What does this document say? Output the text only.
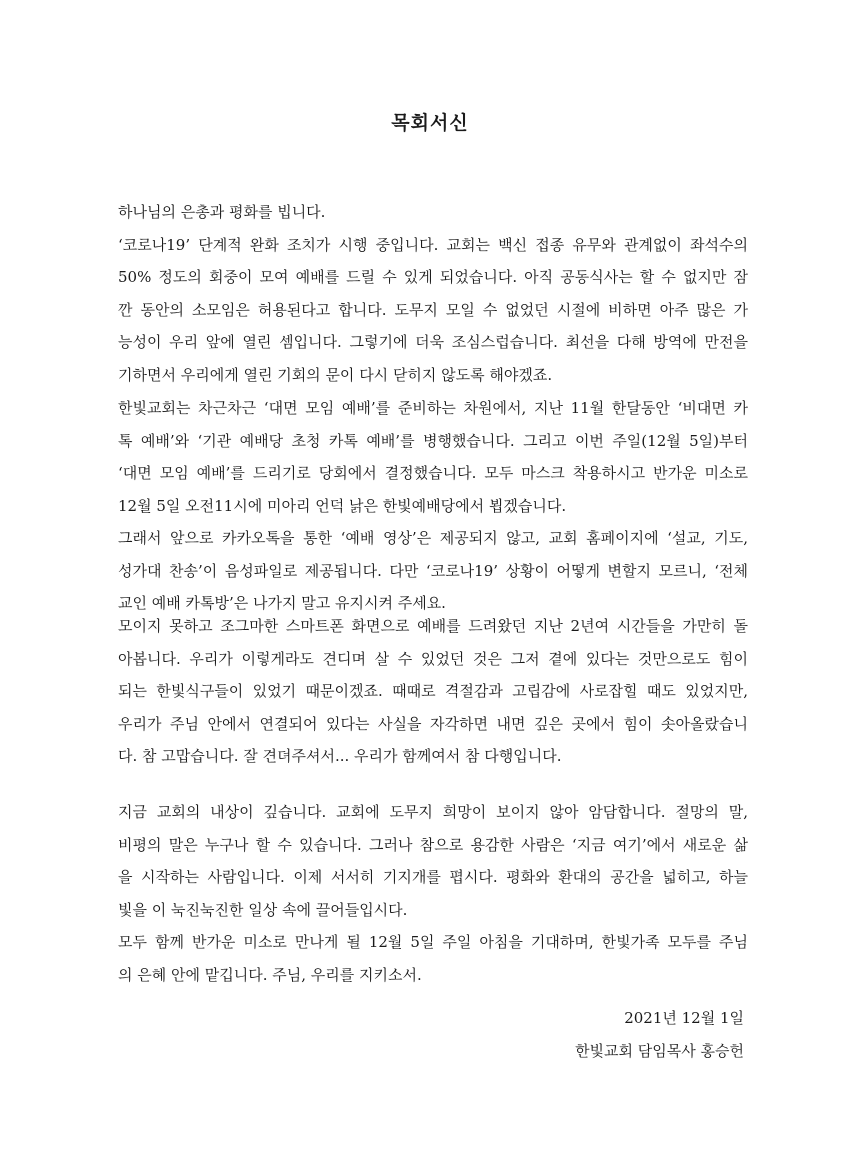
목회서신
하나님의 은총과 평화를 빕니다.
‘코로나19’ 단계적 완화 조치가 시행 중입니다. 교회는 백신 접종 유무와 관계없이 좌석수의
50% 정도의 회중이 모여 예배를 드릴 수 있게 되었습니다. 아직 공동식사는 할 수 없지만 잠
깐 동안의 소모임은 허용된다고 합니다. 도무지 모일 수 없었던 시절에 비하면 아주 많은 가
능성이 우리 앞에 열린 셈입니다. 그렇기에 더욱 조심스럽습니다. 최선을 다해 방역에 만전을
기하면서 우리에게 열린 기회의 문이 다시 닫히지 않도록 해야겠죠.
한빛교회는 차근차근 ‘대면 모임 예배’를 준비하는 차원에서, 지난 11월 한달동안 ‘비대면 카
톡 예배’와 ‘기관 예배당 초청 카톡 예배’를 병행했습니다. 그리고 이번 주일(12월 5일)부터
‘대면 모임 예배’를 드리기로 당회에서 결정했습니다. 모두 마스크 착용하시고 반가운 미소로
12월 5일 오전11시에 미아리 언덕 낡은 한빛예배당에서 뵙겠습니다.
그래서 앞으로 카카오톡을 통한 ‘예배 영상’은 제공되지 않고, 교회 홈페이지에 ‘설교, 기도,
성가대 찬송’이 음성파일로 제공됩니다. 다만 ‘코로나19’ 상황이 어떻게 변할지 모르니, ‘전체
교인 예배 카톡방’은 나가지 말고 유지시켜 주세요.
모이지 못하고 조그마한 스마트폰 화면으로 예배를 드려왔던 지난 2년여 시간들을 가만히 돌
아봅니다. 우리가 이렇게라도 견디며 살 수 있었던 것은 그저 곁에 있다는 것만으로도 힘이
되는 한빛식구들이 있었기 때문이겠죠. 때때로 격절감과 고립감에 사로잡힐 때도 있었지만,
우리가 주님 안에서 연결되어 있다는 사실을 자각하면 내면 깊은 곳에서 힘이 솟아올랐습니
다. 참 고맙습니다. 잘 견뎌주셔서... 우리가 함께여서 참 다행입니다.
지금 교회의 내상이 깊습니다. 교회에 도무지 희망이 보이지 않아 암담합니다. 절망의 말,
비평의 말은 누구나 할 수 있습니다. 그러나 참으로 용감한 사람은 ‘지금 여기’에서 새로운 삶
을 시작하는 사람입니다. 이제 서서히 기지개를 폅시다. 평화와 환대의 공간을 넓히고, 하늘
빛을 이 눅진눅진한 일상 속에 끌어들입시다.
모두 함께 반가운 미소로 만나게 될 12월 5일 주일 아침을 기대하며, 한빛가족 모두를 주님
의 은혜 안에 맡깁니다. 주님, 우리를 지키소서.
2021년 12월 1일
한빛교회 담임목사 홍승헌
